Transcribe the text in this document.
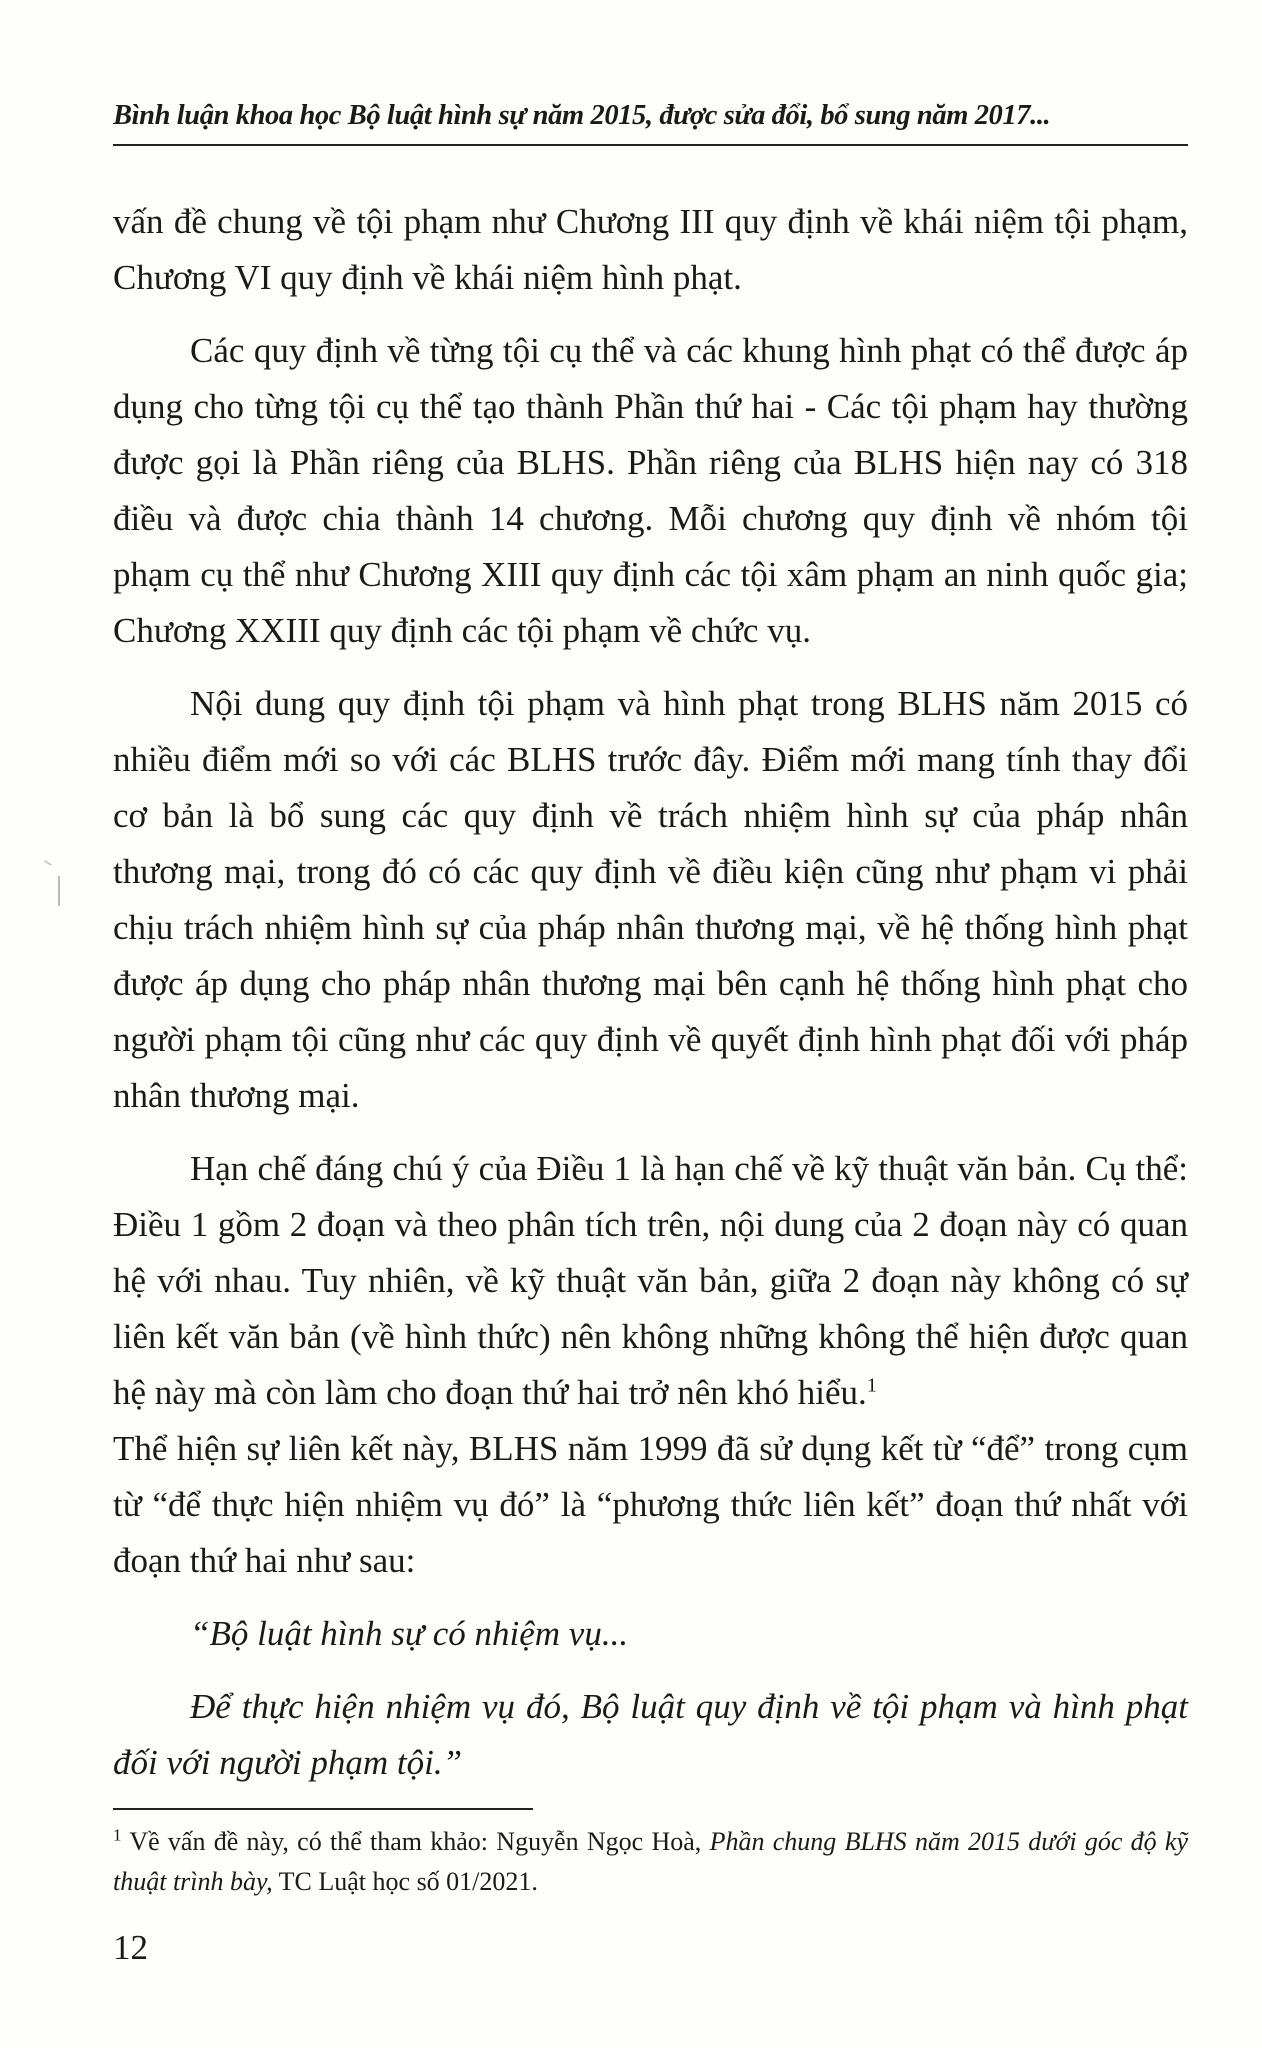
Bình luận khoa học Bộ luật hình sự năm 2015, được sửa đổi, bổ sung năm 2017...

vấn đề chung về tội phạm như Chương III quy định về khái niệm tội phạm, Chương VI quy định về khái niệm hình phạt.

Các quy định về từng tội cụ thể và các khung hình phạt có thể được áp dụng cho từng tội cụ thể tạo thành Phần thứ hai - Các tội phạm hay thường được gọi là Phần riêng của BLHS. Phần riêng của BLHS hiện nay có 318 điều và được chia thành 14 chương. Mỗi chương quy định về nhóm tội phạm cụ thể như Chương XIII quy định các tội xâm phạm an ninh quốc gia; Chương XXIII quy định các tội phạm về chức vụ.

Nội dung quy định tội phạm và hình phạt trong BLHS năm 2015 có nhiều điểm mới so với các BLHS trước đây. Điểm mới mang tính thay đổi cơ bản là bổ sung các quy định về trách nhiệm hình sự của pháp nhân thương mại, trong đó có các quy định về điều kiện cũng như phạm vi phải chịu trách nhiệm hình sự của pháp nhân thương mại, về hệ thống hình phạt được áp dụng cho pháp nhân thương mại bên cạnh hệ thống hình phạt cho người phạm tội cũng như các quy định về quyết định hình phạt đối với pháp nhân thương mại.

Hạn chế đáng chú ý của Điều 1 là hạn chế về kỹ thuật văn bản. Cụ thể: Điều 1 gồm 2 đoạn và theo phân tích trên, nội dung của 2 đoạn này có quan hệ với nhau. Tuy nhiên, về kỹ thuật văn bản, giữa 2 đoạn này không có sự liên kết văn bản (về hình thức) nên không những không thể hiện được quan hệ này mà còn làm cho đoạn thứ hai trở nên khó hiểu.$^1$

Thể hiện sự liên kết này, BLHS năm 1999 đã sử dụng kết từ “để” trong cụm từ “để thực hiện nhiệm vụ đó” là “phương thức liên kết” đoạn thứ nhất với đoạn thứ hai như sau:

“Bộ luật hình sự có nhiệm vụ...

Để thực hiện nhiệm vụ đó, Bộ luật quy định về tội phạm và hình phạt đối với người phạm tội.”

$^1$ Về vấn đề này, có thể tham khảo: Nguyễn Ngọc Hoà, Phần chung BLHS năm 2015 dưới góc độ kỹ thuật trình bày, TC Luật học số 01/2021.
12
